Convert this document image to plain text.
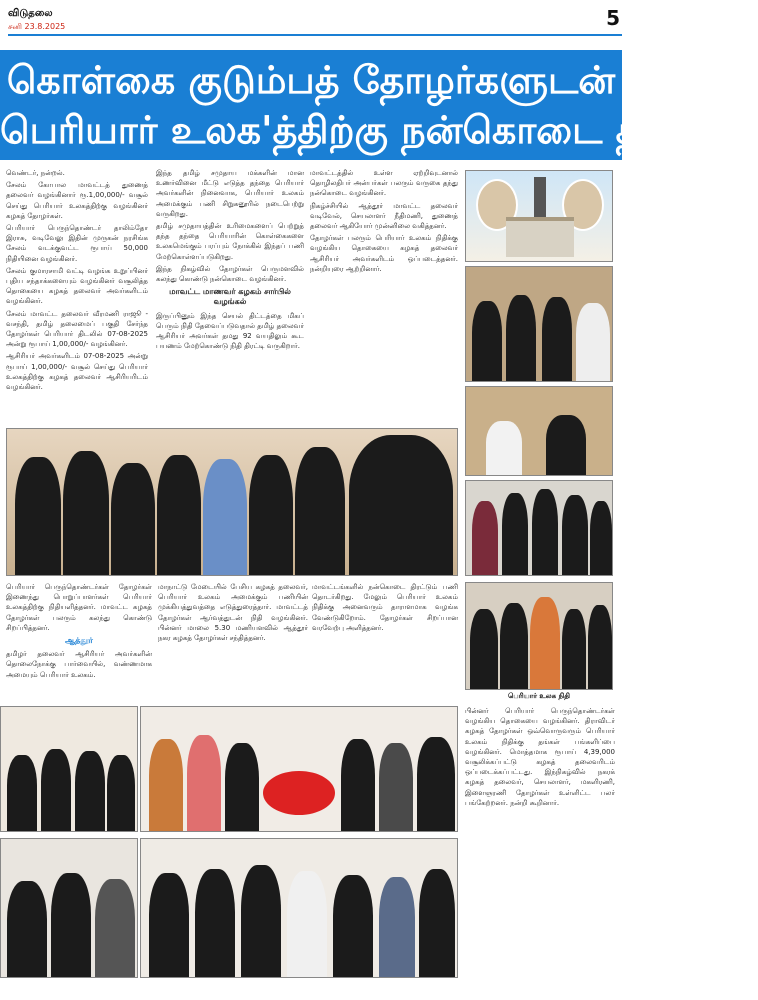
விடுதலை
சனி 23.8.2025	5
கொள்கை குடும்பத் தோழர்களுடன்
பெரியார் உலக'த்திற்கு நன்கொடை திரட்டல்

வெண்டர், நன்றல்.

சேலம் கோபால மாவட்டத் துணைத் தலைவர் வழங்கினார் ரூ.1,00,000/- வசூல் செய்து பெரியார் உலகத்திற்கு வழங்கினர் கழகத் தோழர்கள்.

பெரியார் பெருந்தொண்டர் தாலிம்தோ இராசு, வடிவேலு இதின் முருகன் நரசிங்க சேலம் வடக்குவட்ட ரூபாய் 50,000 நிதியினை வழங்கினர்.

சேலம் குமாரசாமி வட்டி வழங்க உறுப்பினர் புதிய சந்தாக்களையும் வழங்கினர் வசூலித்த தொகையை கழகத் தலைவர் அவர்களிடம் வழங்கினர்.

சேலம் மாவட்ட தலைவர் வீரமணி ராஜூ - வசந்தி, தமிழ் தலைமைப் பகுதி சேர்ந்த தோழர்கள் பெரியார் திடலில் 07-08-2025 அன்று ரூபாய் 1,00,000/- வழங்கினர்.

ஆசிரியர் அவர்களிடம் 07-08-2025 அன்று ரூபாய் 1,00,000/- வசூல் செய்து பெரியார் உலகத்திற்கு கழகத் தலைவர் ஆசிரியரிடம் வழங்கினர்.

இந்த தமிழ் சமுதாய மக்களின் மான உணர்வினை மீட்டு எடுத்த தந்தை பெரியார் அவர்களின் நினைவாக, பெரியார் உலகம் அமைக்கும் பணி சிறுகனூரில் நடைபெற்று வருகிறது.

தமிழ் சமுதாயத்தின் உரிமைகளைப் பெற்றுத் தந்த தந்தை பெரியாரின் கொள்கைகளை உலகமெங்கும் பரப்பும் நோக்கில் இந்தப் பணி மேற்கொள்ளப்படுகிறது.

இந்த நிகழ்வில் தோழர்கள் பெருமளவில் கலந்து கொண்டு நன்கொடை வழங்கினர்.

மாவட்ட மாணவர் கழகம் சார்பில் வழங்கல்

இருப்பினும் இந்த செயல் திட்டத்தை மிகப் பெரும் நிதி தேவைப்படுவதால் தமிழ் தலைவர் ஆசிரியர் அவர்கள் தமது 92 வயதிலும் கூட பயணம் மேற்கொண்டு நிதி திரட்டி வருகிறார்.

மாவட்டத்தில் உள்ள ஏற்றிவுடனால் தொழிலதிபர் அன்பர்கள் பலரும் வருகை தந்து நன்கொடை வழங்கினர்.

நிகழ்ச்சியில் ஆத்தூர் மாவட்ட தலைவர் வடிவேல், செயலாளர் நீதிமணி, துணைத் தலைவர் ஆகியோர் முன்னிலை வகித்தனர்.

தோழர்கள் பலரும் பெரியார் உலகம் நிதிக்கு வழங்கிய தொகையை கழகத் தலைவர் ஆசிரியர் அவர்களிடம் ஒப்படைத்தனர். நன்றியுரை ஆற்றினார்.

பெரியார் பெருந்தொண்டர்கள் தோழர்கள் இணைந்து பொறுப்பாளர்கள் பெரியார் உலகத்திற்கு நிதியளித்தனர். மாவட்ட கழகத் தோழர்கள் பலரும் கலந்து கொண்டு சிறப்பித்தனர்.

ஆத்தூர்

தமிழர் தலைவர் ஆசிரியர் அவர்களின் தொலைநோக்கு பார்வையில், வண்ணமாக அமையும் பெரியார் உலகம்.

மாநாட்டு மேடையில் பேசிய கழகத் தலைவர், பெரியார் உலகம் அமைக்கும் பணியின் முக்கியத்துவத்தை எடுத்துரைத்தார். மாவட்டத் தோழர்கள் ஆர்வத்துடன் நிதி வழங்கினர். பின்னர் மாலை 5.30 மணியளவில் ஆத்தூர் நகர கழகத் தோழர்கள் சந்தித்தனர்.

மாவட்டங்களில் நன்கொடை திரட்டும் பணி தொடர்கிறது. மேலும் பெரியார் உலகம் நிதிக்கு அனைவரும் தாராளமாக வழங்க வேண்டுகிறோம். தோழர்கள் சிறப்பான வரவேற்பு அளித்தனர்.

பெரியார் உலக நிதி

பின்னர் பெரியார் பெருந்தொண்டர்கள் வழங்கிய தொகையை வழங்கினர். திராவிடர் கழகத் தோழர்கள் ஒவ்வொருவரும் பெரியார் உலகம் நிதிக்கு தங்கள் பங்களிப்பை வழங்கினர். மொத்தமாக ரூபாய் 4,39,000 வசூலிக்கப்பட்டு கழகத் தலைவரிடம் ஒப்படைக்கப்பட்டது. இந்நிகழ்வில் நகரக் கழகத் தலைவர், செயலாளர், மகளிரணி, இளைஞரணி தோழர்கள் உள்ளிட்ட பலர் பங்கேற்றனர். நன்றி கூறினார்.
